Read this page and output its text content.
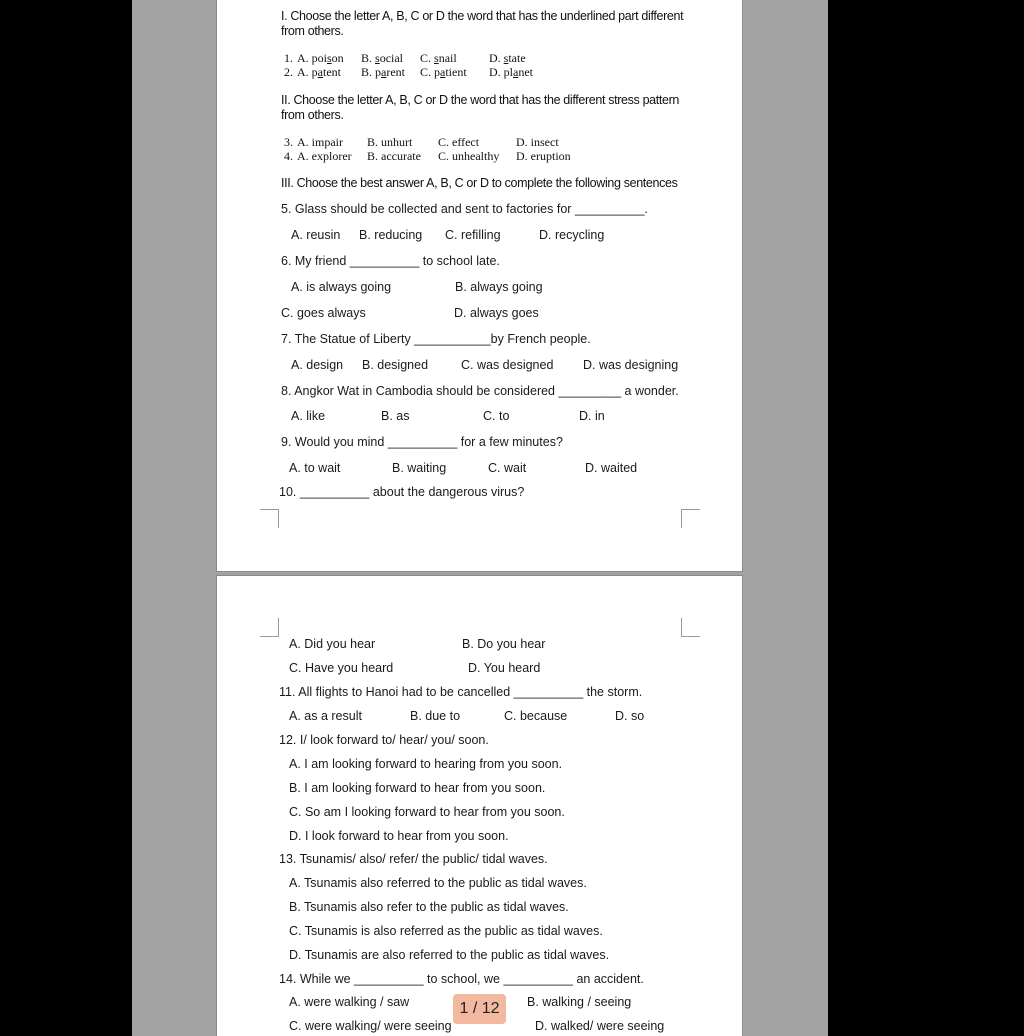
I. Choose the letter A, B, C or D the word that has the underlined part different from others.
1. A. poison B. social C. snail	D. state
2. A. patent B. parent C. patient D. planet
II. Choose the letter A, B, C or D the word that has the different stress pattern from others.
3. A. impair B. unhurt C. effect	D. insect
4. A. explorer B. accurate C. unhealthy D. eruption
III. Choose the best answer A, B, C or D to complete the following sentences
5. Glass should be collected and sent to factories for __________.
A. reusin B. reducing C. refilling	D. recycling
6. My friend __________ to school late.
A. is always going	B. always going
C. goes always	D. always goes
7. The Statue of Liberty ___________by French people.
A. design B. designed	C. was designed D. was designing
8. Angkor Wat in Cambodia should be considered _________ a wonder.
A. like	B. as	C. to	D. in
9. Would you mind __________ for a few minutes?
A. to wait	B. waiting	C. wait	D. waited
10. __________ about the dangerous virus?
A. Did you hear	B. Do you hear
C. Have you heard	D. You heard
11. All flights to Hanoi had to be cancelled __________ the storm.
A. as a result	B. due to	C. because	D. so
12. I/ look forward to/ hear/ you/ soon.
A. I am looking forward to hearing from you soon.
B. I am looking forward to hear from you soon.
C. So am I looking forward to hear from you soon.
D. I look forward to hear from you soon.
13. Tsunamis/ also/ refer/ the public/ tidal waves.
A. Tsunamis also referred to the public as tidal waves.
B. Tsunamis also refer to the public as tidal waves.
C. Tsunamis is also referred as the public as tidal waves.
D. Tsunamis are also referred to the public as tidal waves.
14. While we __________ to school, we __________ an accident.
A. were walking / saw	B. walking / seeing
C. were walking/ were seeing	D. walked/ were seeing
1 / 12
